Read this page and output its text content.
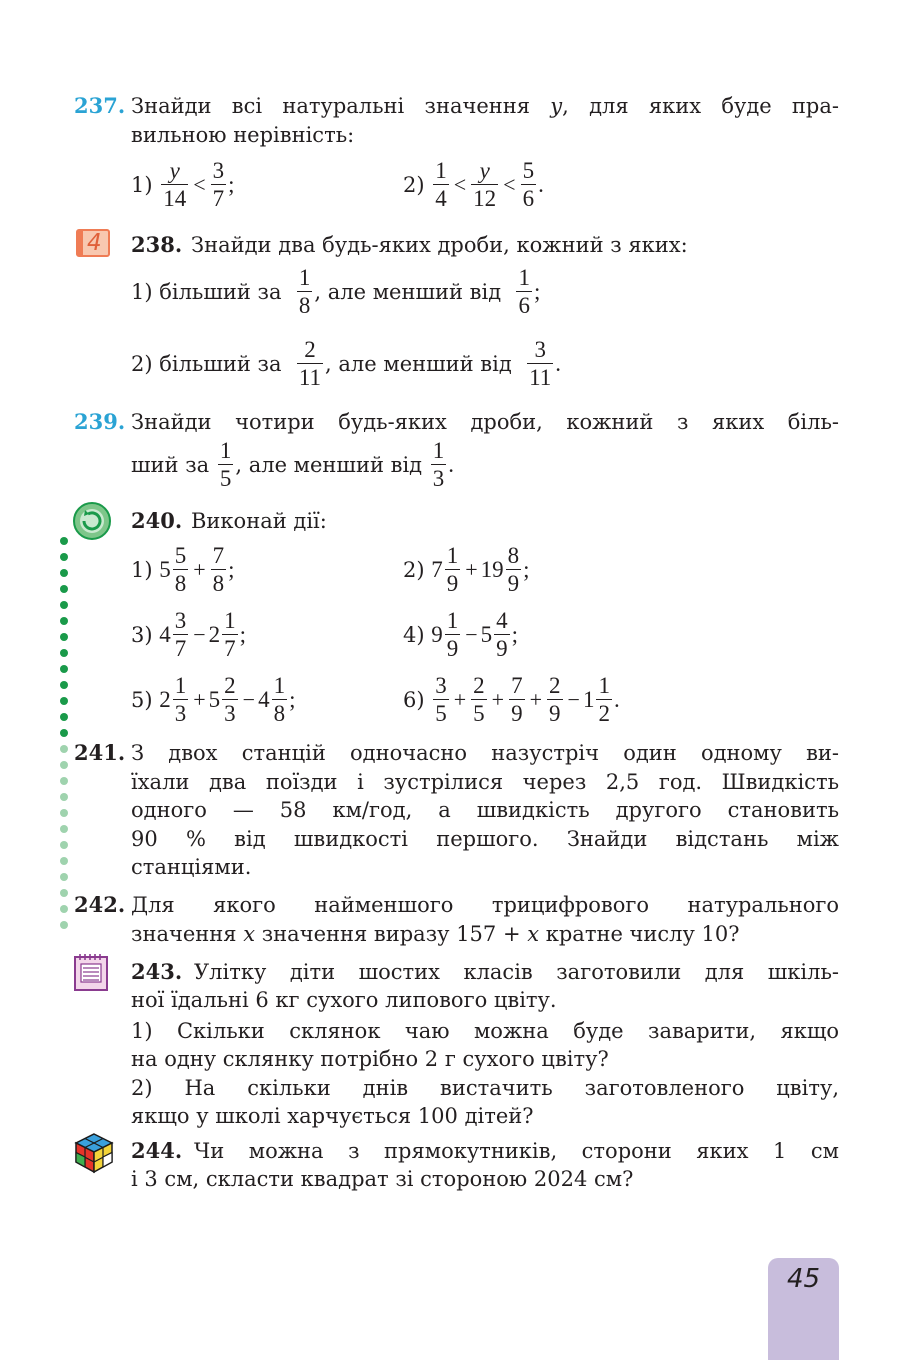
237. Знайди всі натуральні значення y, для яких буде пра-
вильною нерівність:
1)
$\frac{y}{14} < \frac{3}{7}$ ;	2)
$\frac{1}{4} < \frac{y}{12} < \frac{5}{6}$ .
4 238. Знайди два будь-яких дроби, кожний з яких:
1) більший за
$\frac{1}{8}$ , але менший від
$\frac{1}{6}$ ;
2) більший за
$\frac{2}{11}$ , але менший від
$\frac{3}{11}$ .
239. Знайди чотири будь-яких дроби, кожний з яких біль-
ший за
$\frac{1}{5}$ , але менший від
$\frac{1}{3}$ .
240. Виконай дії:
1)
$5 \frac{5}{8} + \frac{7}{8}$ ;	2)
$7 \frac{1}{9} + 19 \frac{8}{9}$ ;
3)
$4 \frac{3}{7} - 2 \frac{1}{7}$ ;	4)
$9 \frac{1}{9} - 5 \frac{4}{9}$ ;
5)
$2 \frac{1}{3} + 5 \frac{2}{3} - 4 \frac{1}{8}$ ;	6)
$\frac{3}{5} + \frac{2}{5} + \frac{7}{9} + \frac{2}{9} - 1 \frac{1}{2}$ .
241. З двох станцій одночасно назустріч один одному ви-
їхали два поїзди і зустрілися через 2,5 год. Швидкість
одного — 58 км/год, а швидкість другого становить
90 % від швидкості першого. Знайди відстань між
станціями.
242. Для якого найменшого трицифрового натурального
значення x значення виразу 157 + x кратне числу 10?
243. Улітку діти шостих класів заготовили для шкіль-
ної їдальні 6 кг сухого липового цвіту.
1) Скільки склянок чаю можна буде заварити, якщо
на одну склянку потрібно 2 г сухого цвіту?
2) На скільки днів вистачить заготовленого цвіту,
якщо у школі харчується 100 дітей?
244. Чи можна з прямокутників, сторони яких 1 см
і 3 см, скласти квадрат зі стороною 2024 см?
45
